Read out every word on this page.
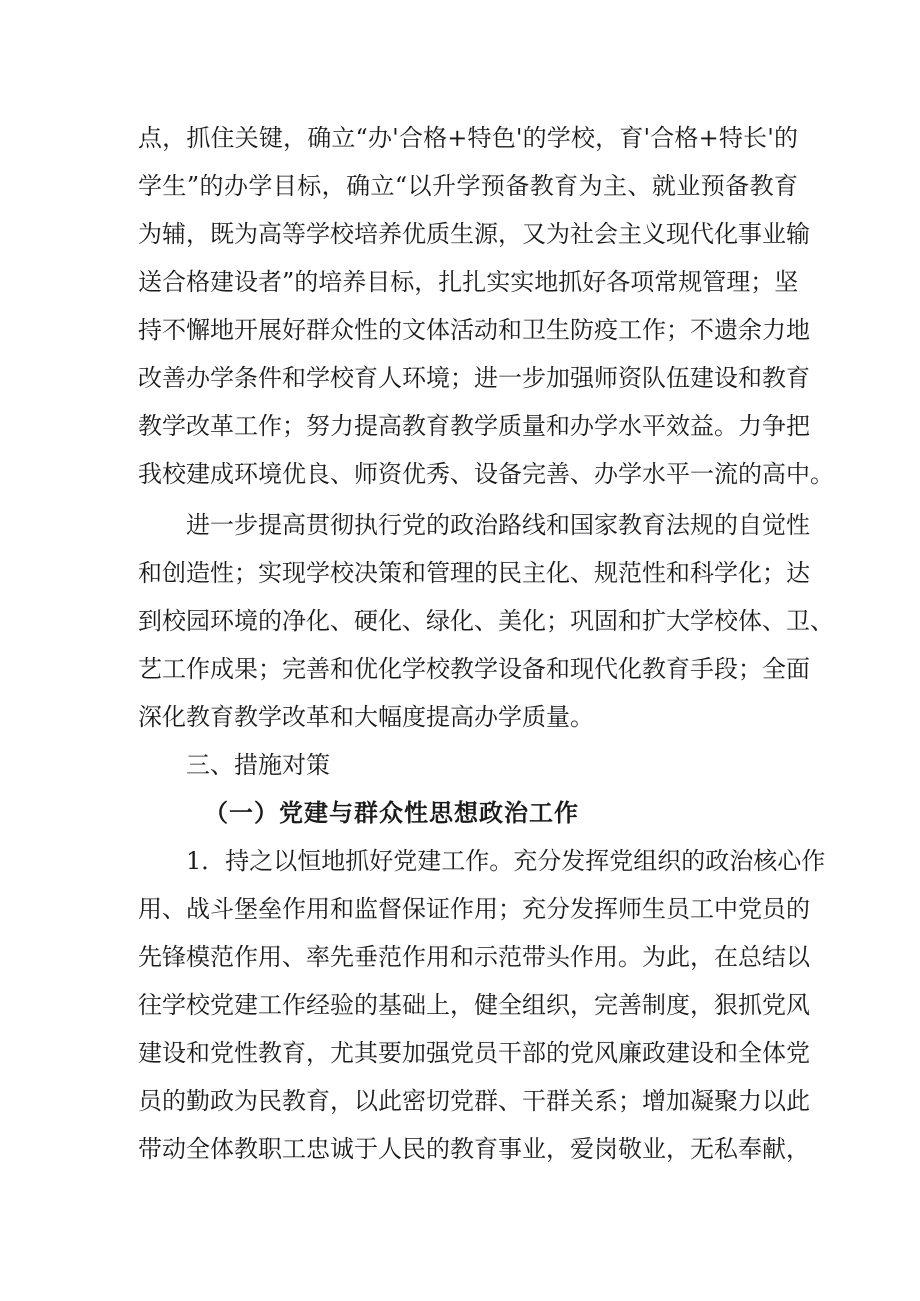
点，抓住关键，确立“办'合格+特色'的学校，育'合格+特长'的
学生”的办学目标，确立“以升学预备教育为主、就业预备教育
为辅，既为高等学校培养优质生源，又为社会主义现代化事业输
送合格建设者”的培养目标，扎扎实实地抓好各项常规管理；坚
持不懈地开展好群众性的文体活动和卫生防疫工作；不遗余力地
改善办学条件和学校育人环境；进一步加强师资队伍建设和教育
教学改革工作；努力提高教育教学质量和办学水平效益。力争把
我校建成环境优良、师资优秀、设备完善、办学水平一流的高中。
进一步提高贯彻执行党的政治路线和国家教育法规的自觉性
和创造性；实现学校决策和管理的民主化、规范性和科学化；达
到校园环境的净化、硬化、绿化、美化；巩固和扩大学校体、卫、
艺工作成果；完善和优化学校教学设备和现代化教育手段；全面
深化教育教学改革和大幅度提高办学质量。
三、措施对策
（一）党建与群众性思想政治工作
1．持之以恒地抓好党建工作。充分发挥党组织的政治核心作
用、战斗堡垒作用和监督保证作用；充分发挥师生员工中党员的
先锋模范作用、率先垂范作用和示范带头作用。为此，在总结以
往学校党建工作经验的基础上，健全组织，完善制度，狠抓党风
建设和党性教育，尤其要加强党员干部的党风廉政建设和全体党
员的勤政为民教育，以此密切党群、干群关系；增加凝聚力以此
带动全体教职工忠诚于人民的教育事业，爱岗敬业，无私奉献，
